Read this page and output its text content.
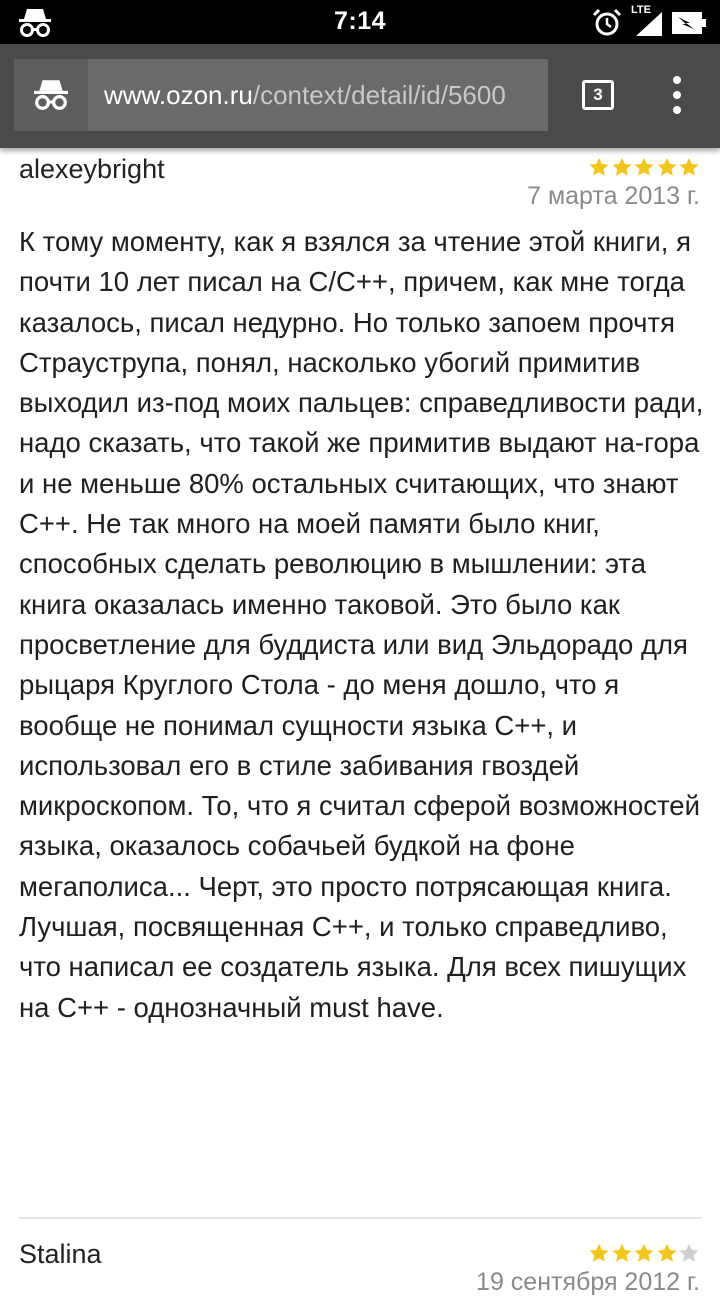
7:14	LTE
www.ozon.ru/context/detail/id/5600	3
alexeybright
7 марта 2013 г.
К тому моменту, как я взялся за чтение этой книги, я почти 10 лет писал на C/C++, причем, как мне тогда казалось, писал недурно. Но только запоем прочтя Страуструпа, понял, насколько убогий примитив выходил из-под моих пальцев: справедливости ради, надо сказать, что такой же примитив выдают на-гора и не меньше 80% остальных считающих, что знают С++. Не так много на моей памяти было книг, способных сделать революцию в мышлении: эта книга оказалась именно таковой. Это было как просветление для буддиста или вид Эльдорадо для рыцаря Круглого Стола - до меня дошло, что я вообще не понимал сущности языка С++, и использовал его в стиле забивания гвоздей микроскопом. То, что я считал сферой возможностей языка, оказалось собачьей будкой на фоне мегаполиса... Черт, это просто потрясающая книга. Лучшая, посвященная С++, и только справедливо, что написал ее создатель языка. Для всех пишущих на С++ - однозначный must have.
Stalina
19 сентября 2012 г.
